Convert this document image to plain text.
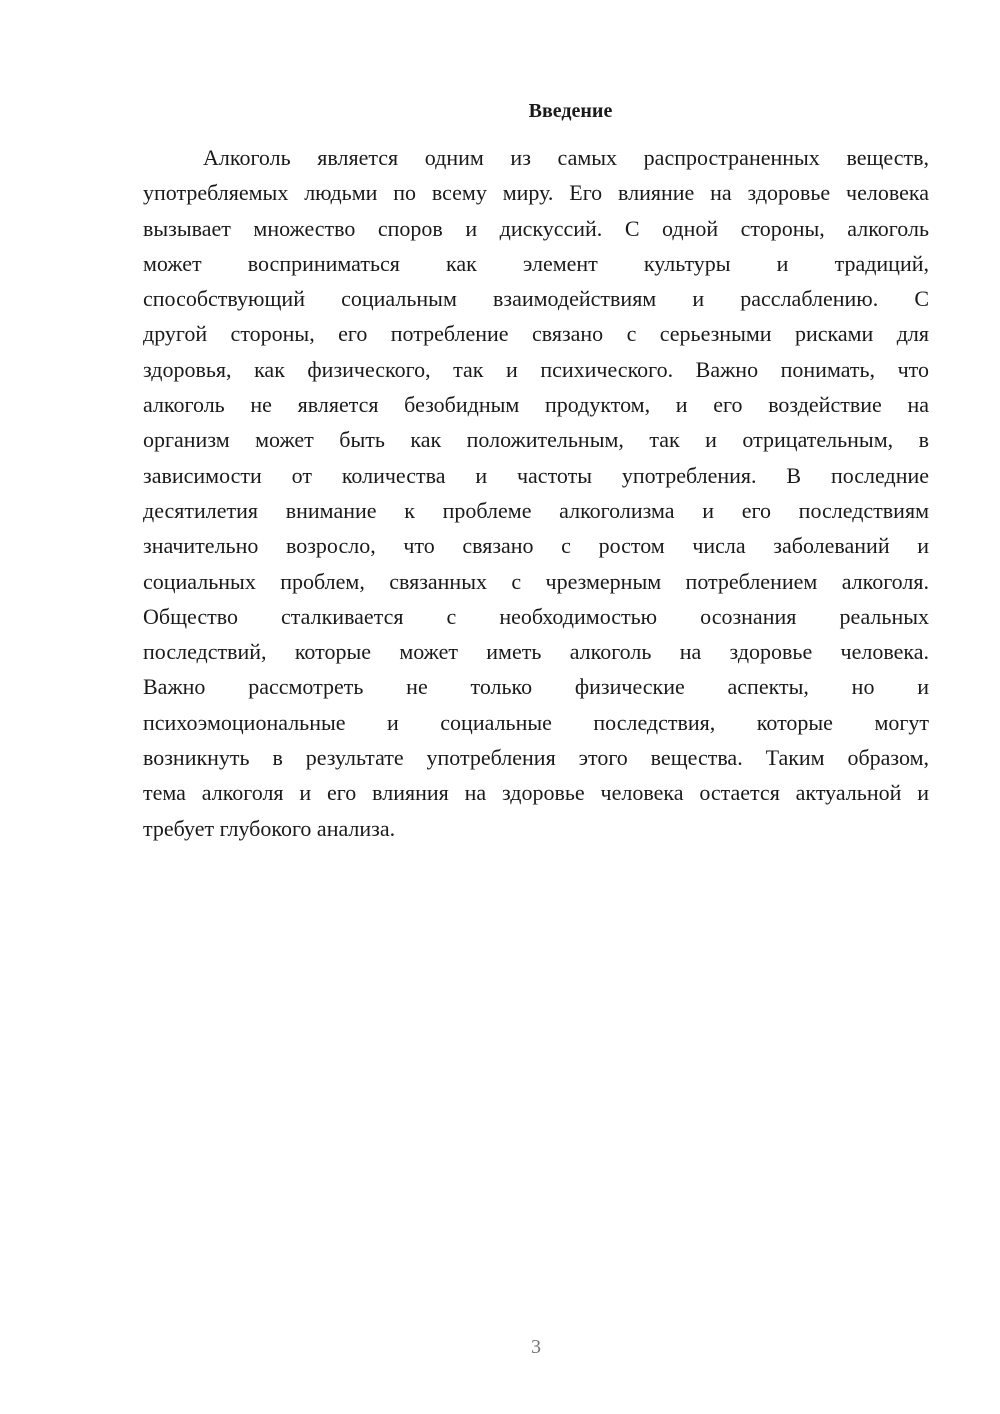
Введение
Алкоголь является одним из самых распространенных веществ,
употребляемых людьми по всему миру. Его влияние на здоровье человека
вызывает множество споров и дискуссий. С одной стороны, алкоголь
может восприниматься как элемент культуры и традиций,
способствующий социальным взаимодействиям и расслаблению. С
другой стороны, его потребление связано с серьезными рисками для
здоровья, как физического, так и психического. Важно понимать, что
алкоголь не является безобидным продуктом, и его воздействие на
организм может быть как положительным, так и отрицательным, в
зависимости от количества и частоты употребления. В последние
десятилетия внимание к проблеме алкоголизма и его последствиям
значительно возросло, что связано с ростом числа заболеваний и
социальных проблем, связанных с чрезмерным потреблением алкоголя.
Общество сталкивается с необходимостью осознания реальных
последствий, которые может иметь алкоголь на здоровье человека.
Важно рассмотреть не только физические аспекты, но и
психоэмоциональные и социальные последствия, которые могут
возникнуть в результате употребления этого вещества. Таким образом,
тема алкоголя и его влияния на здоровье человека остается актуальной и
требует глубокого анализа.
3
